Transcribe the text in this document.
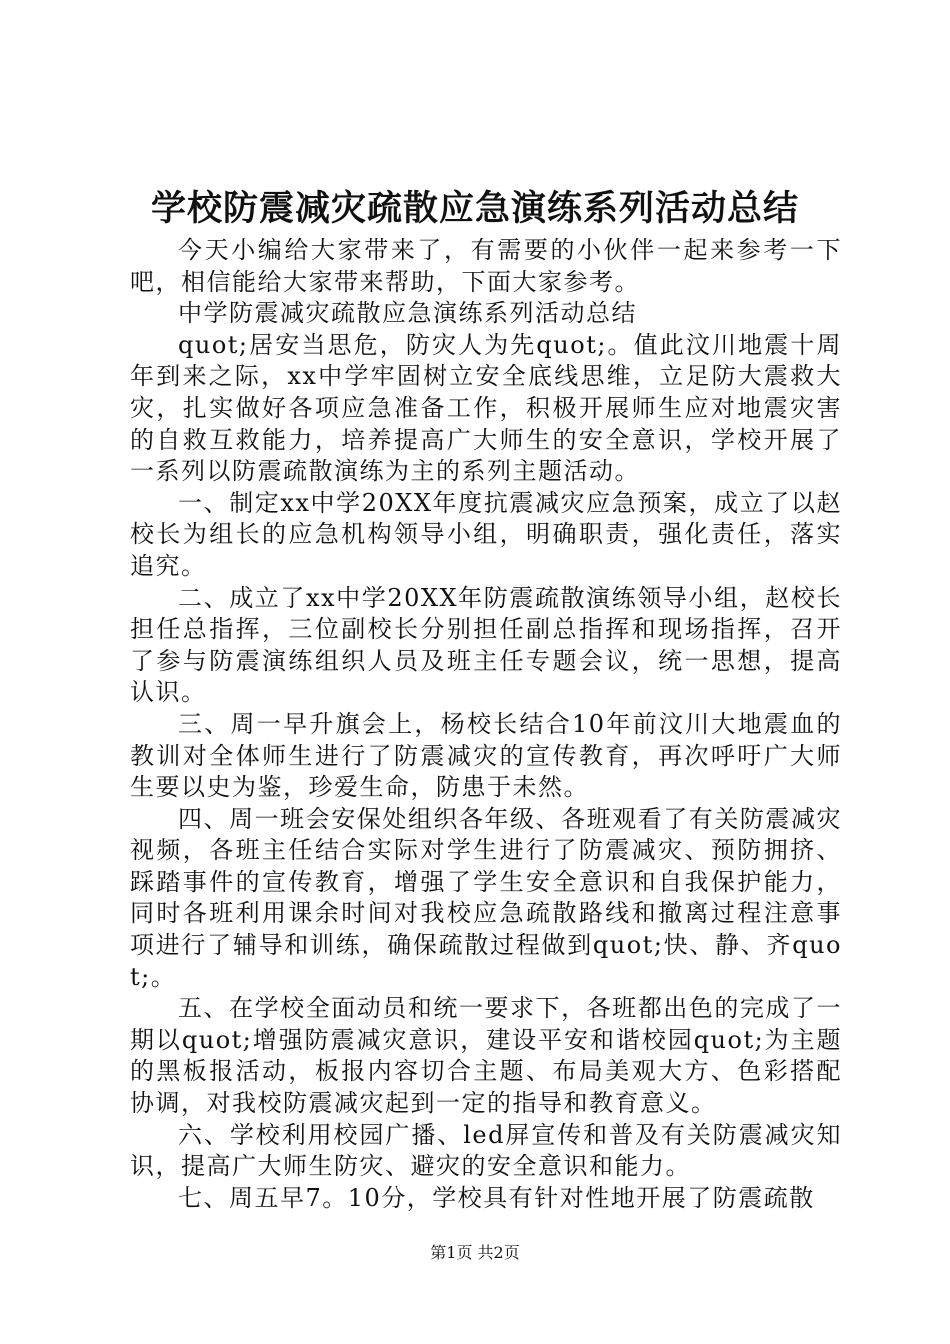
学校防震减灾疏散应急演练系列活动总结

今天小编给大家带来了，有需要的小伙伴一起来参考一下吧，相信能给大家带来帮助，下面大家参考。

中学防震减灾疏散应急演练系列活动总结

quot;居安当思危，防灾人为先quot;。值此汶川地震十周年到来之际，xx中学牢固树立安全底线思维，立足防大震救大灾，扎实做好各项应急准备工作，积极开展师生应对地震灾害的自救互救能力，培养提高广大师生的安全意识，学校开展了一系列以防震疏散演练为主的系列主题活动。

一、制定xx中学20XX年度抗震减灾应急预案，成立了以赵校长为组长的应急机构领导小组，明确职责，强化责任，落实追究。

二、成立了xx中学20XX年防震疏散演练领导小组，赵校长担任总指挥，三位副校长分别担任副总指挥和现场指挥，召开了参与防震演练组织人员及班主任专题会议，统一思想，提高认识。

三、周一早升旗会上，杨校长结合10年前汶川大地震血的教训对全体师生进行了防震减灾的宣传教育，再次呼吁广大师生要以史为鉴，珍爱生命，防患于未然。

四、周一班会安保处组织各年级、各班观看了有关防震减灾视频，各班主任结合实际对学生进行了防震减灾、预防拥挤、踩踏事件的宣传教育，增强了学生安全意识和自我保护能力，同时各班利用课余时间对我校应急疏散路线和撤离过程注意事项进行了辅导和训练，确保疏散过程做到quot;快、静、齐quot;。

五、在学校全面动员和统一要求下，各班都出色的完成了一期以quot;增强防震减灾意识，建设平安和谐校园quot;为主题的黑板报活动，板报内容切合主题、布局美观大方、色彩搭配协调，对我校防震减灾起到一定的指导和教育意义。

六、学校利用校园广播、led屏宣传和普及有关防震减灾知识，提高广大师生防灾、避灾的安全意识和能力。

七、周五早7。10分，学校具有针对性地开展了防震疏散

第1页 共2页
